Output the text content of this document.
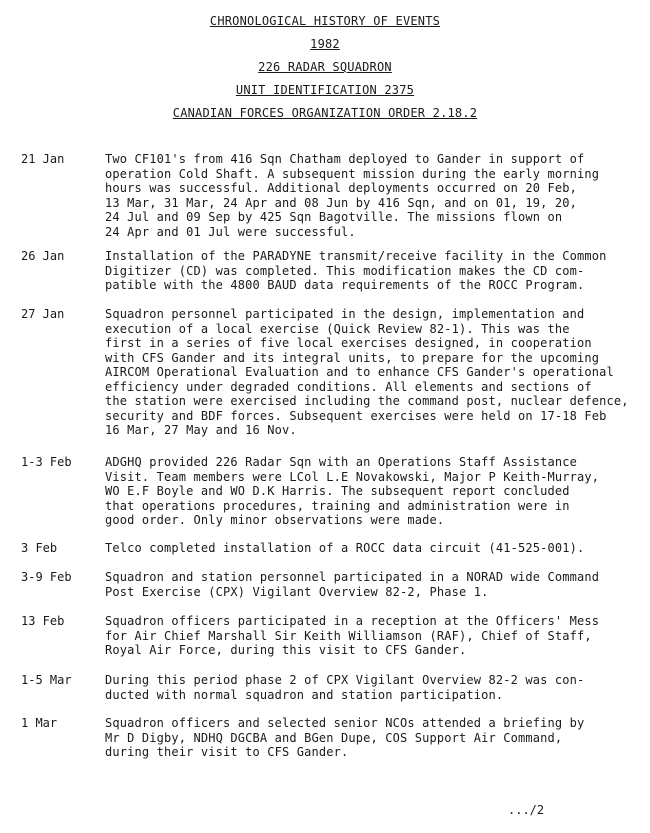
CHRONOLOGICAL HISTORY OF EVENTS
1982
226 RADAR SQUADRON
UNIT IDENTIFICATION 2375
CANADIAN FORCES ORGANIZATION ORDER 2.18.2
21 Jan	Two CF101's from 416 Sqn Chatham deployed to Gander in support of
operation Cold Shaft. A subsequent mission during the early morning
hours was successful. Additional deployments occurred on 20 Feb,
13 Mar, 31 Mar, 24 Apr and 08 Jun by 416 Sqn, and on 01, 19, 20,
24 Jul and 09 Sep by 425 Sqn Bagotville. The missions flown on
24 Apr and 01 Jul were successful.
26 Jan	Installation of the PARADYNE transmit/receive facility in the Common
Digitizer (CD) was completed. This modification makes the CD com-
patible with the 4800 BAUD data requirements of the ROCC Program.
27 Jan	Squadron personnel participated in the design, implementation and
execution of a local exercise (Quick Review 82-1). This was the
first in a series of five local exercises designed, in cooperation
with CFS Gander and its integral units, to prepare for the upcoming
AIRCOM Operational Evaluation and to enhance CFS Gander's operational
efficiency under degraded conditions. All elements and sections of
the station were exercised including the command post, nuclear defence,
security and BDF forces. Subsequent exercises were held on 17-18 Feb
16 Mar, 27 May and 16 Nov.
1-3 Feb	ADGHQ provided 226 Radar Sqn with an Operations Staff Assistance
Visit. Team members were LCol L.E Novakowski, Major P Keith-Murray,
WO E.F Boyle and WO D.K Harris. The subsequent report concluded
that operations procedures, training and administration were in
good order. Only minor observations were made.
3 Feb	Telco completed installation of a ROCC data circuit (41-525-001).
3-9 Feb	Squadron and station personnel participated in a NORAD wide Command
Post Exercise (CPX) Vigilant Overview 82-2, Phase 1.
13 Feb	Squadron officers participated in a reception at the Officers' Mess
for Air Chief Marshall Sir Keith Williamson (RAF), Chief of Staff,
Royal Air Force, during this visit to CFS Gander.
1-5 Mar	During this period phase 2 of CPX Vigilant Overview 82-2 was con-
ducted with normal squadron and station participation.
1 Mar	Squadron officers and selected senior NCOs attended a briefing by
Mr D Digby, NDHQ DGCBA and BGen Dupe, COS Support Air Command,
during their visit to CFS Gander.
.../2
